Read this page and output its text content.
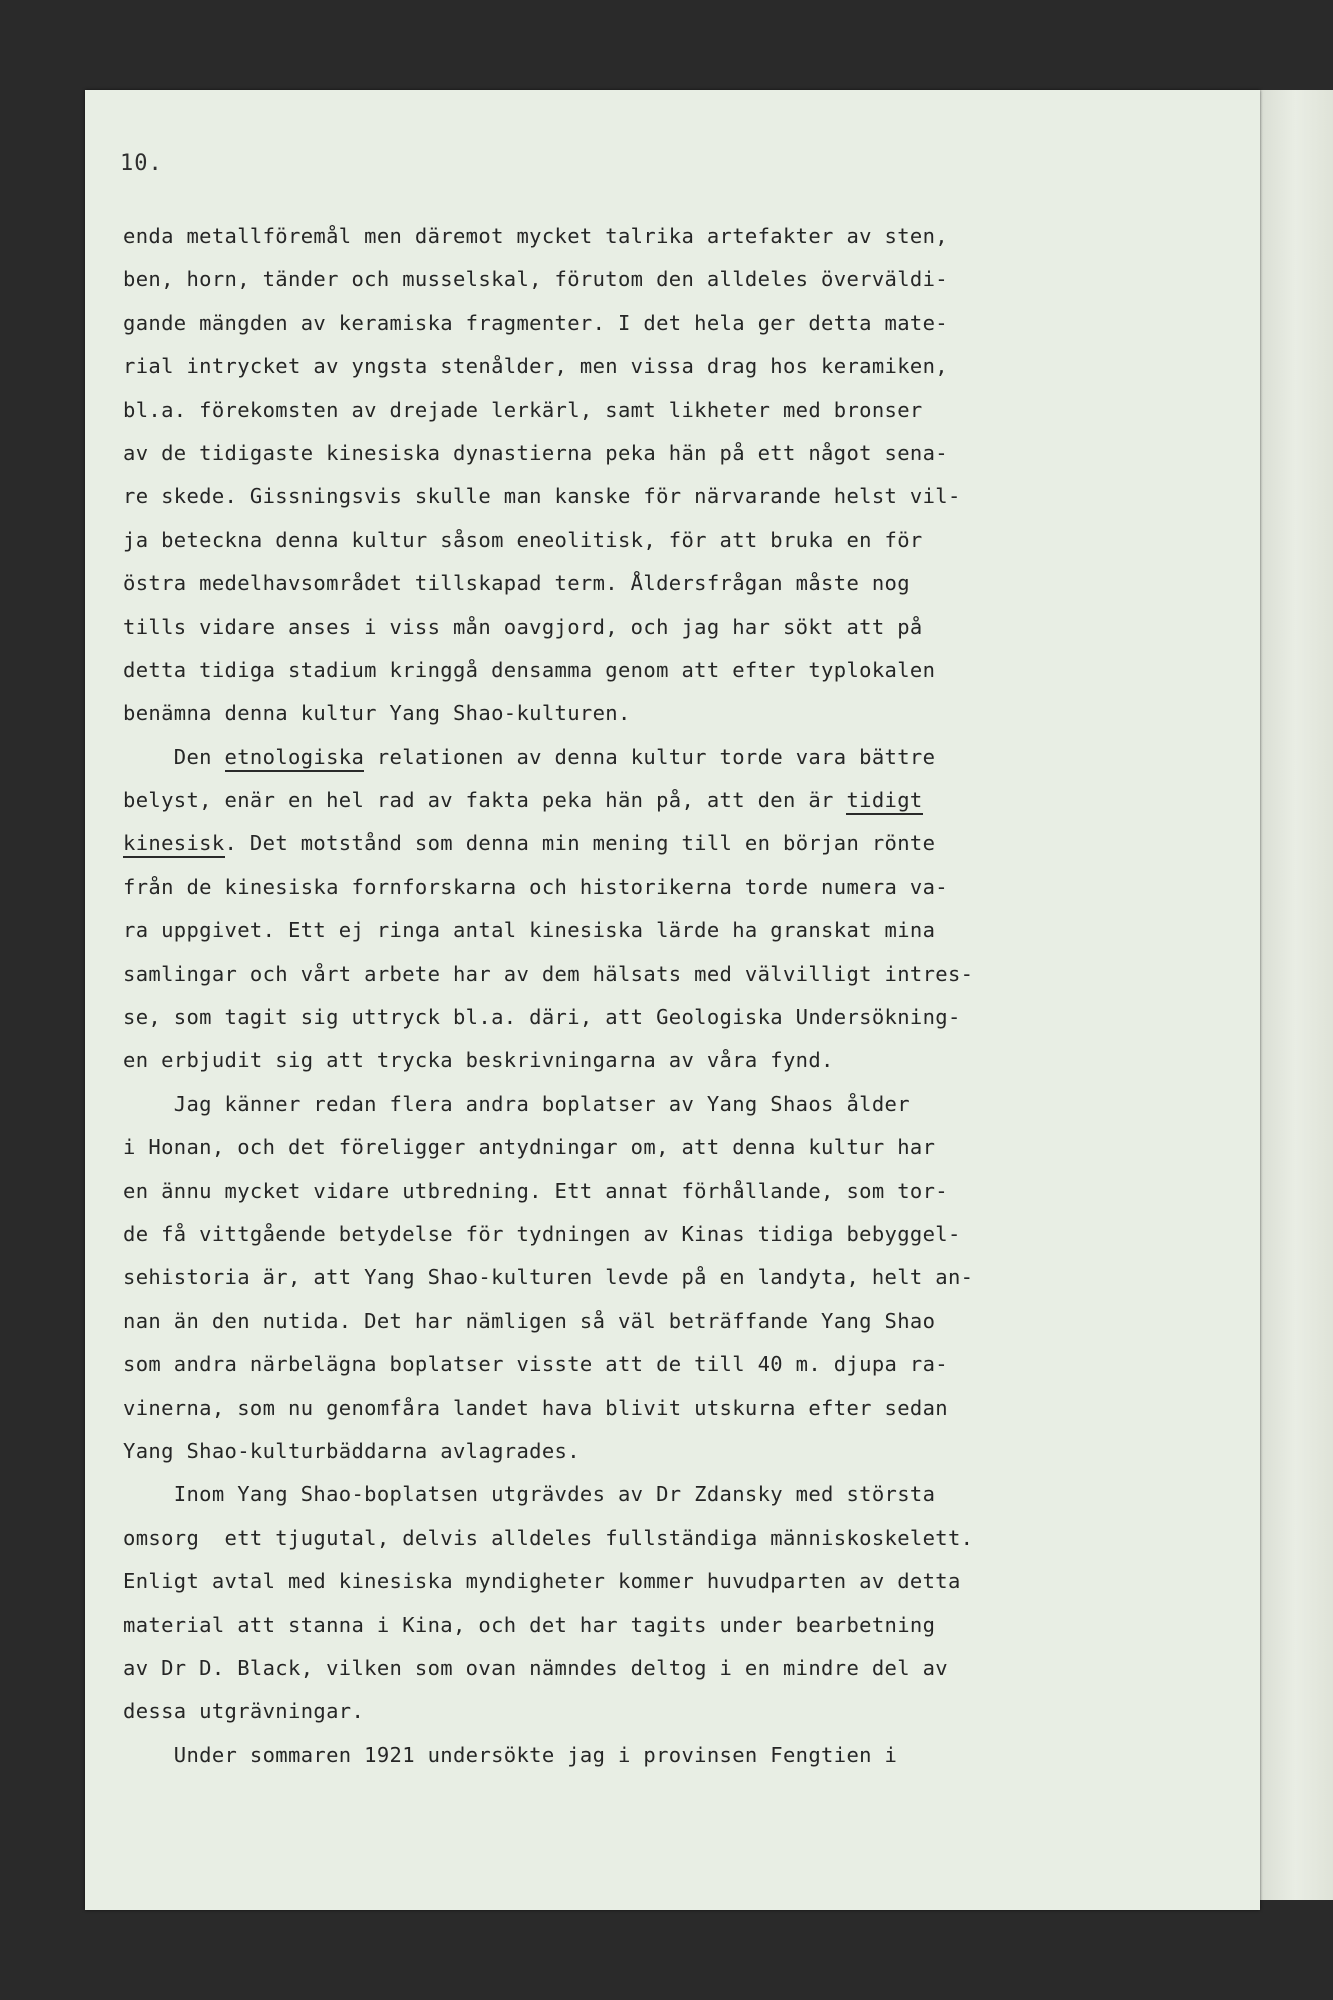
10.
enda metallföremål men däremot mycket talrika artefakter av sten,
ben, horn, tänder och musselskal, förutom den alldeles överväldi-
gande mängden av keramiska fragmenter. I det hela ger detta mate-
rial intrycket av yngsta stenålder, men vissa drag hos keramiken,
bl.a. förekomsten av drejade lerkärl, samt likheter med bronser
av de tidigaste kinesiska dynastierna peka hän på ett något sena-
re skede. Gissningsvis skulle man kanske för närvarande helst vil-
ja beteckna denna kultur såsom eneolitisk, för att bruka en för
östra medelhavsområdet tillskapad term. Åldersfrågan måste nog
tills vidare anses i viss mån oavgjord, och jag har sökt att på
detta tidiga stadium kringgå densamma genom att efter typlokalen
benämna denna kultur Yang Shao-kulturen.
Den etnologiska relationen av denna kultur torde vara bättre
belyst, enär en hel rad av fakta peka hän på, att den är tidigt
kinesisk. Det motstånd som denna min mening till en början rönte
från de kinesiska fornforskarna och historikerna torde numera va-
ra uppgivet. Ett ej ringa antal kinesiska lärde ha granskat mina
samlingar och vårt arbete har av dem hälsats med välvilligt intres-
se, som tagit sig uttryck bl.a. däri, att Geologiska Undersökning-
en erbjudit sig att trycka beskrivningarna av våra fynd.
Jag känner redan flera andra boplatser av Yang Shaos ålder
i Honan, och det föreligger antydningar om, att denna kultur har
en ännu mycket vidare utbredning. Ett annat förhållande, som tor-
de få vittgående betydelse för tydningen av Kinas tidiga bebyggel-
sehistoria är, att Yang Shao-kulturen levde på en landyta, helt an-
nan än den nutida. Det har nämligen så väl beträffande Yang Shao
som andra närbelägna boplatser visste att de till 40 m. djupa ra-
vinerna, som nu genomfåra landet hava blivit utskurna efter sedan
Yang Shao-kulturbäddarna avlagrades.
Inom Yang Shao-boplatsen utgrävdes av Dr Zdansky med största
omsorg  ett tjugutal, delvis alldeles fullständiga människoskelett.
Enligt avtal med kinesiska myndigheter kommer huvudparten av detta
material att stanna i Kina, och det har tagits under bearbetning
av Dr D. Black, vilken som ovan nämndes deltog i en mindre del av
dessa utgrävningar.
Under sommaren 1921 undersökte jag i provinsen Fengtien i
